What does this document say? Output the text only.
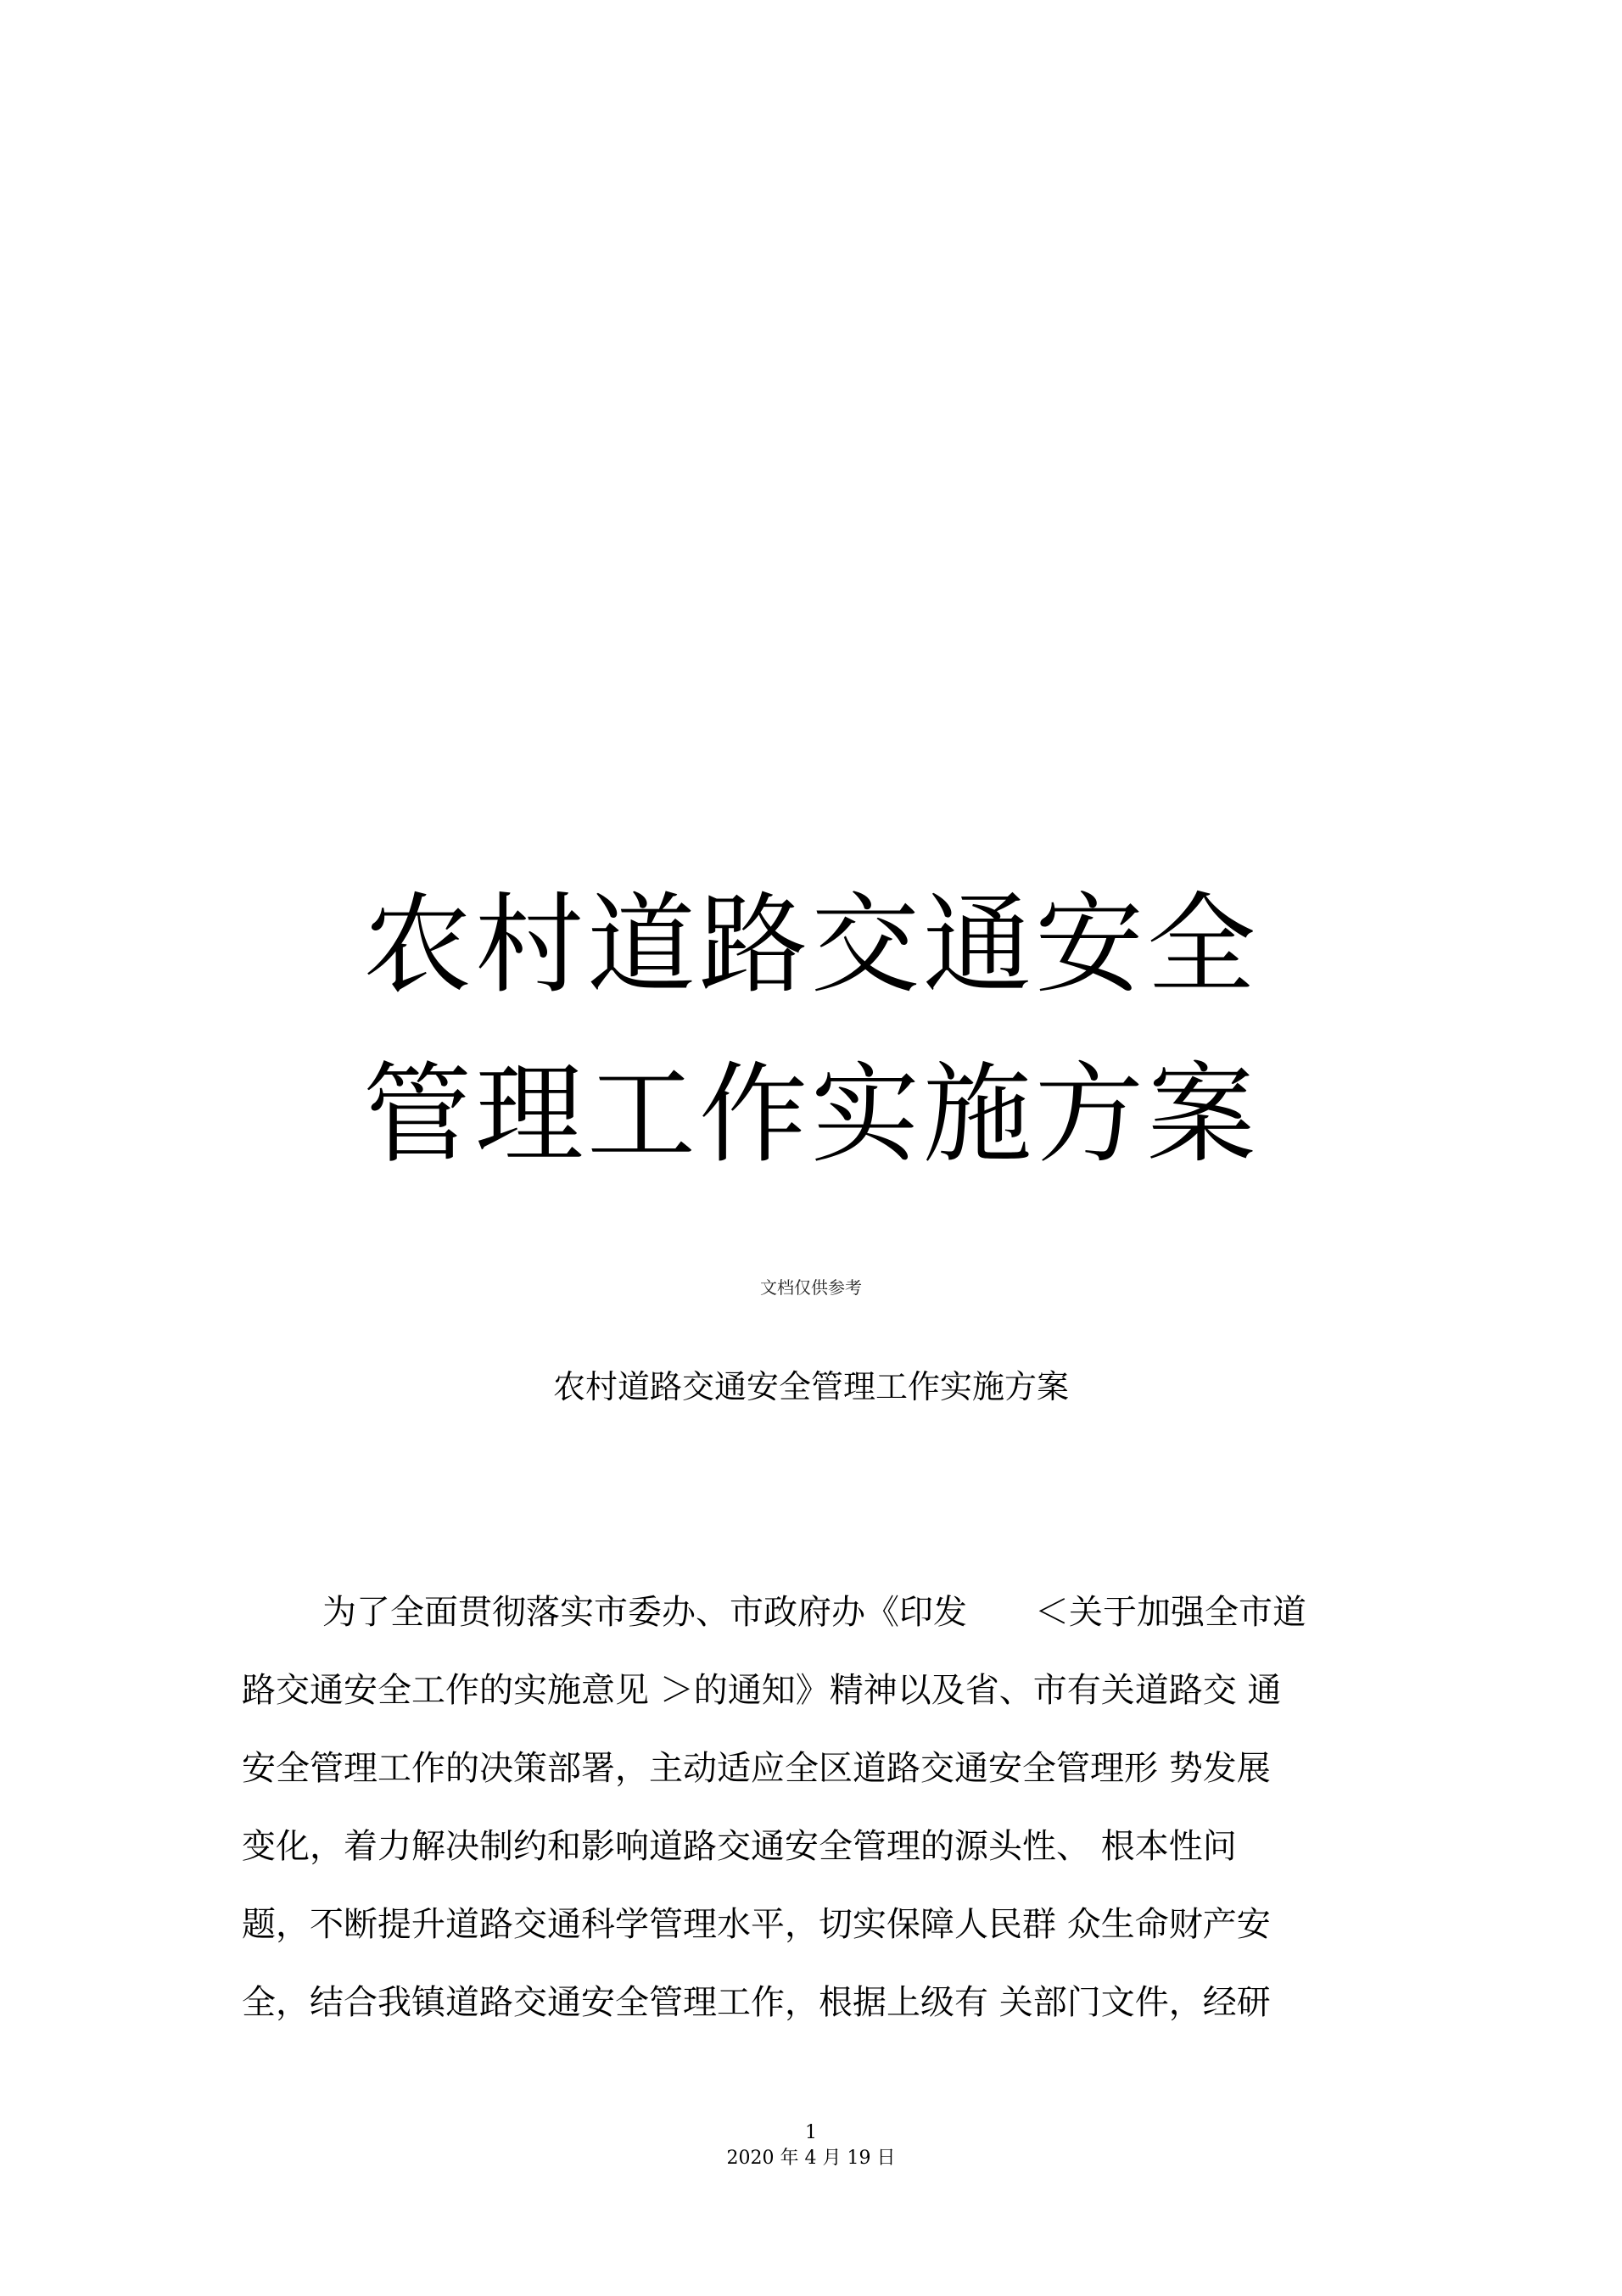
农村道路交通安全
管理工作实施方案
文档仅供参考
农村道路交通安全管理工作实施方案
为了全面贯彻落实市委办、市政府办《印发　　＜关于加强全市道
路交通安全工作的实施意见 ＞的通知》精神以及省、市有关道路交 通
安全管理工作的决策部署，主动适应全区道路交通安全管理形 势发展
变化，着力解决制约和影响道路交通安全管理的源头性、 根本性问
题，不断提升道路交通科学管理水平，切实保障人民群 众生命财产安
全，结合我镇道路交通安全管理工作，根据上级有 关部门文件，经研
1
2020 年 4 月 19 日
